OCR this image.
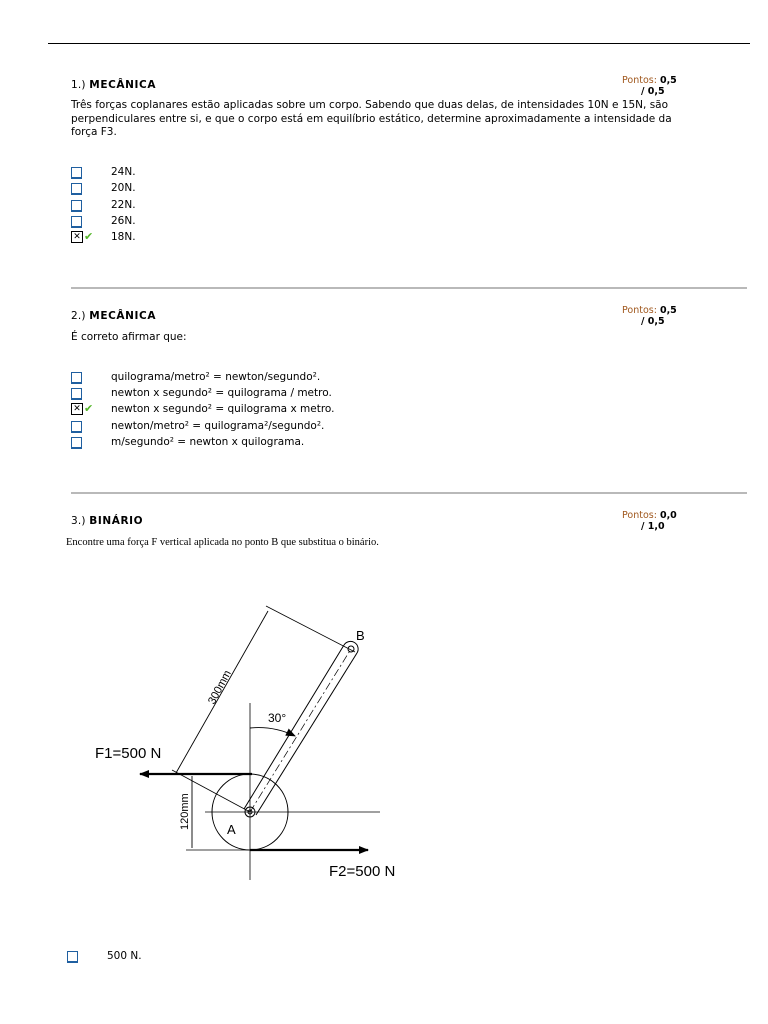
1.) MECÂNICA	Pontos: 0,5
/ 0,5
Três forças coplanares estão aplicadas sobre um corpo. Sabendo que duas delas, de intensidades 10N e 15N, são perpendiculares entre si, e que o corpo está em equilíbrio estático, determine aproximadamente a intensidade da força F3.
24N.
20N.
22N.
26N.
✕ ✔ 18N.
2.) MECÂNICA	Pontos: 0,5
/ 0,5
É correto afirmar que:
quilograma/metro² = newton/segundo².
newton x segundo² = quilograma / metro.
✕ ✔ newton x segundo² = quilograma x metro.
newton/metro² = quilograma²/segundo².
m/segundo² = newton x quilograma.
3.) BINÁRIO	Pontos: 0,0
/ 1,0
Encontre uma força F vertical aplicada no ponto B que substitua o binário.
30°
300mm
120mm
F1=500 N
F2=500 N
B
A
500 N.
